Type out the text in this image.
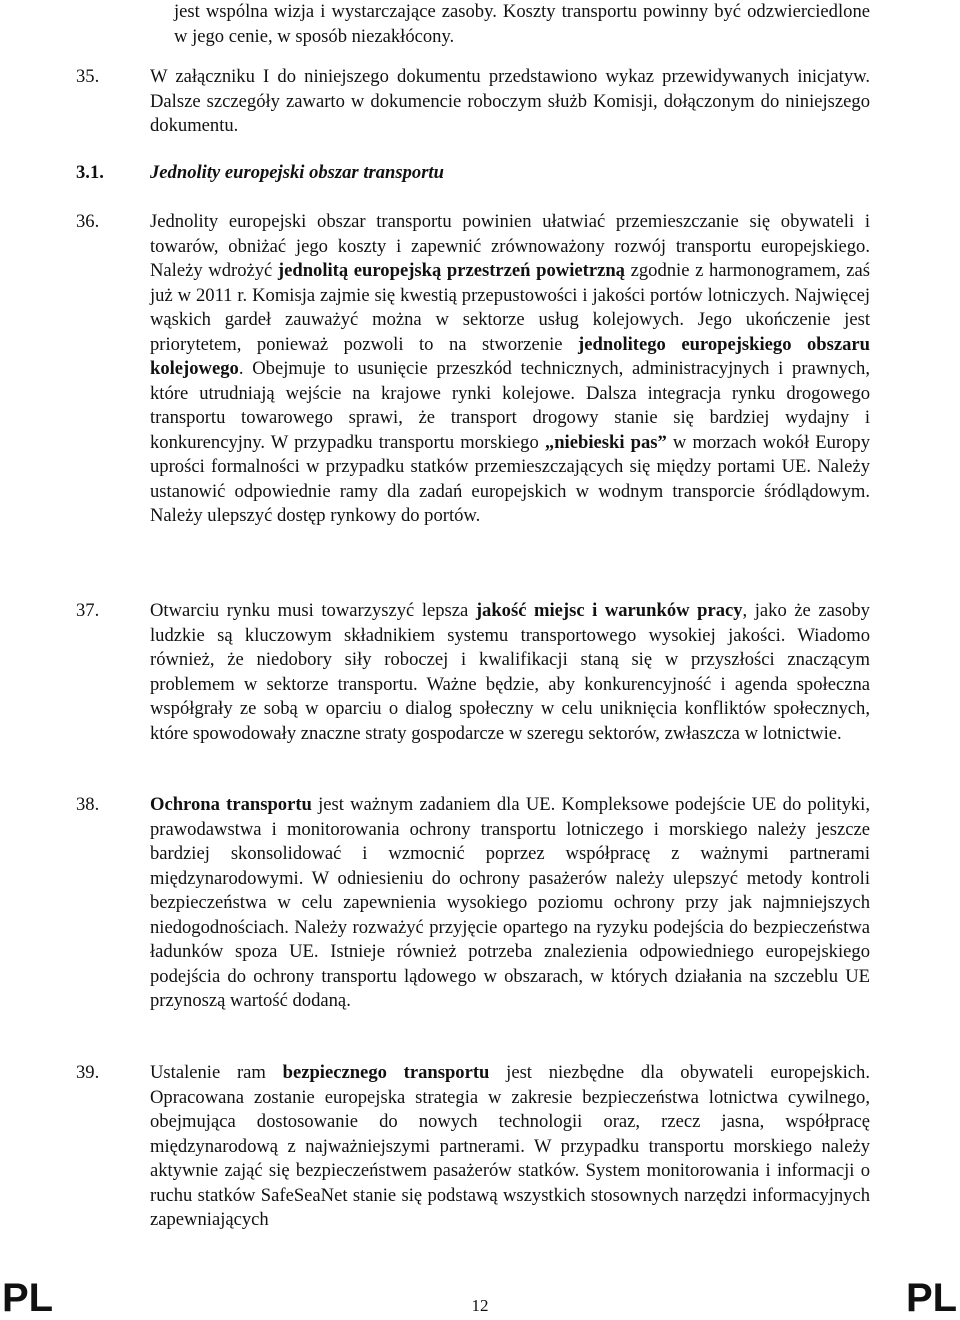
jest wspólna wizja i wystarczające zasoby. Koszty transportu powinny być odzwierciedlone w jego cenie, w sposób niezakłócony.
35.	W załączniku I do niniejszego dokumentu przedstawiono wykaz przewidywanych inicjatyw. Dalsze szczegóły zawarto w dokumencie roboczym służb Komisji, dołączonym do niniejszego dokumentu.
3.1. Jednolity europejski obszar transportu
36.	Jednolity europejski obszar transportu powinien ułatwiać przemieszczanie się obywateli i towarów, obniżać jego koszty i zapewnić zrównoważony rozwój transportu europejskiego. Należy wdrożyć jednolitą europejską przestrzeń powietrzną zgodnie z harmonogramem, zaś już w 2011 r. Komisja zajmie się kwestią przepustowości i jakości portów lotniczych. Najwięcej wąskich gardeł zauważyć można w sektorze usług kolejowych. Jego ukończenie jest priorytetem, ponieważ pozwoli to na stworzenie jednolitego europejskiego obszaru kolejowego. Obejmuje to usunięcie przeszkód technicznych, administracyjnych i prawnych, które utrudniają wejście na krajowe rynki kolejowe. Dalsza integracja rynku drogowego transportu towarowego sprawi, że transport drogowy stanie się bardziej wydajny i konkurencyjny. W przypadku transportu morskiego „niebieski pas” w morzach wokół Europy uprości formalności w przypadku statków przemieszczających się między portami UE. Należy ustanowić odpowiednie ramy dla zadań europejskich w wodnym transporcie śródlądowym. Należy ulepszyć dostęp rynkowy do portów.
37.	Otwarciu rynku musi towarzyszyć lepsza jakość miejsc i warunków pracy, jako że zasoby ludzkie są kluczowym składnikiem systemu transportowego wysokiej jakości. Wiadomo również, że niedobory siły roboczej i kwalifikacji staną się w przyszłości znaczącym problemem w sektorze transportu. Ważne będzie, aby konkurencyjność i agenda społeczna współgrały ze sobą w oparciu o dialog społeczny w celu uniknięcia konfliktów społecznych, które spowodowały znaczne straty gospodarcze w szeregu sektorów, zwłaszcza w lotnictwie.
38.	Ochrona transportu jest ważnym zadaniem dla UE. Kompleksowe podejście UE do polityki, prawodawstwa i monitorowania ochrony transportu lotniczego i morskiego należy jeszcze bardziej skonsolidować i wzmocnić poprzez współpracę z ważnymi partnerami międzynarodowymi. W odniesieniu do ochrony pasażerów należy ulepszyć metody kontroli bezpieczeństwa w celu zapewnienia wysokiego poziomu ochrony przy jak najmniejszych niedogodnościach. Należy rozważyć przyjęcie opartego na ryzyku podejścia do bezpieczeństwa ładunków spoza UE. Istnieje również potrzeba znalezienia odpowiedniego europejskiego podejścia do ochrony transportu lądowego w obszarach, w których działania na szczeblu UE przynoszą wartość dodaną.
39.	Ustalenie ram bezpiecznego transportu jest niezbędne dla obywateli europejskich. Opracowana zostanie europejska strategia w zakresie bezpieczeństwa lotnictwa cywilnego, obejmująca dostosowanie do nowych technologii oraz, rzecz jasna, współpracę międzynarodową z najważniejszymi partnerami. W przypadku transportu morskiego należy aktywnie zająć się bezpieczeństwem pasażerów statków. System monitorowania i informacji o ruchu statków SafeSeaNet stanie się podstawą wszystkich stosownych narzędzi informacyjnych zapewniających
PL	12	PL
